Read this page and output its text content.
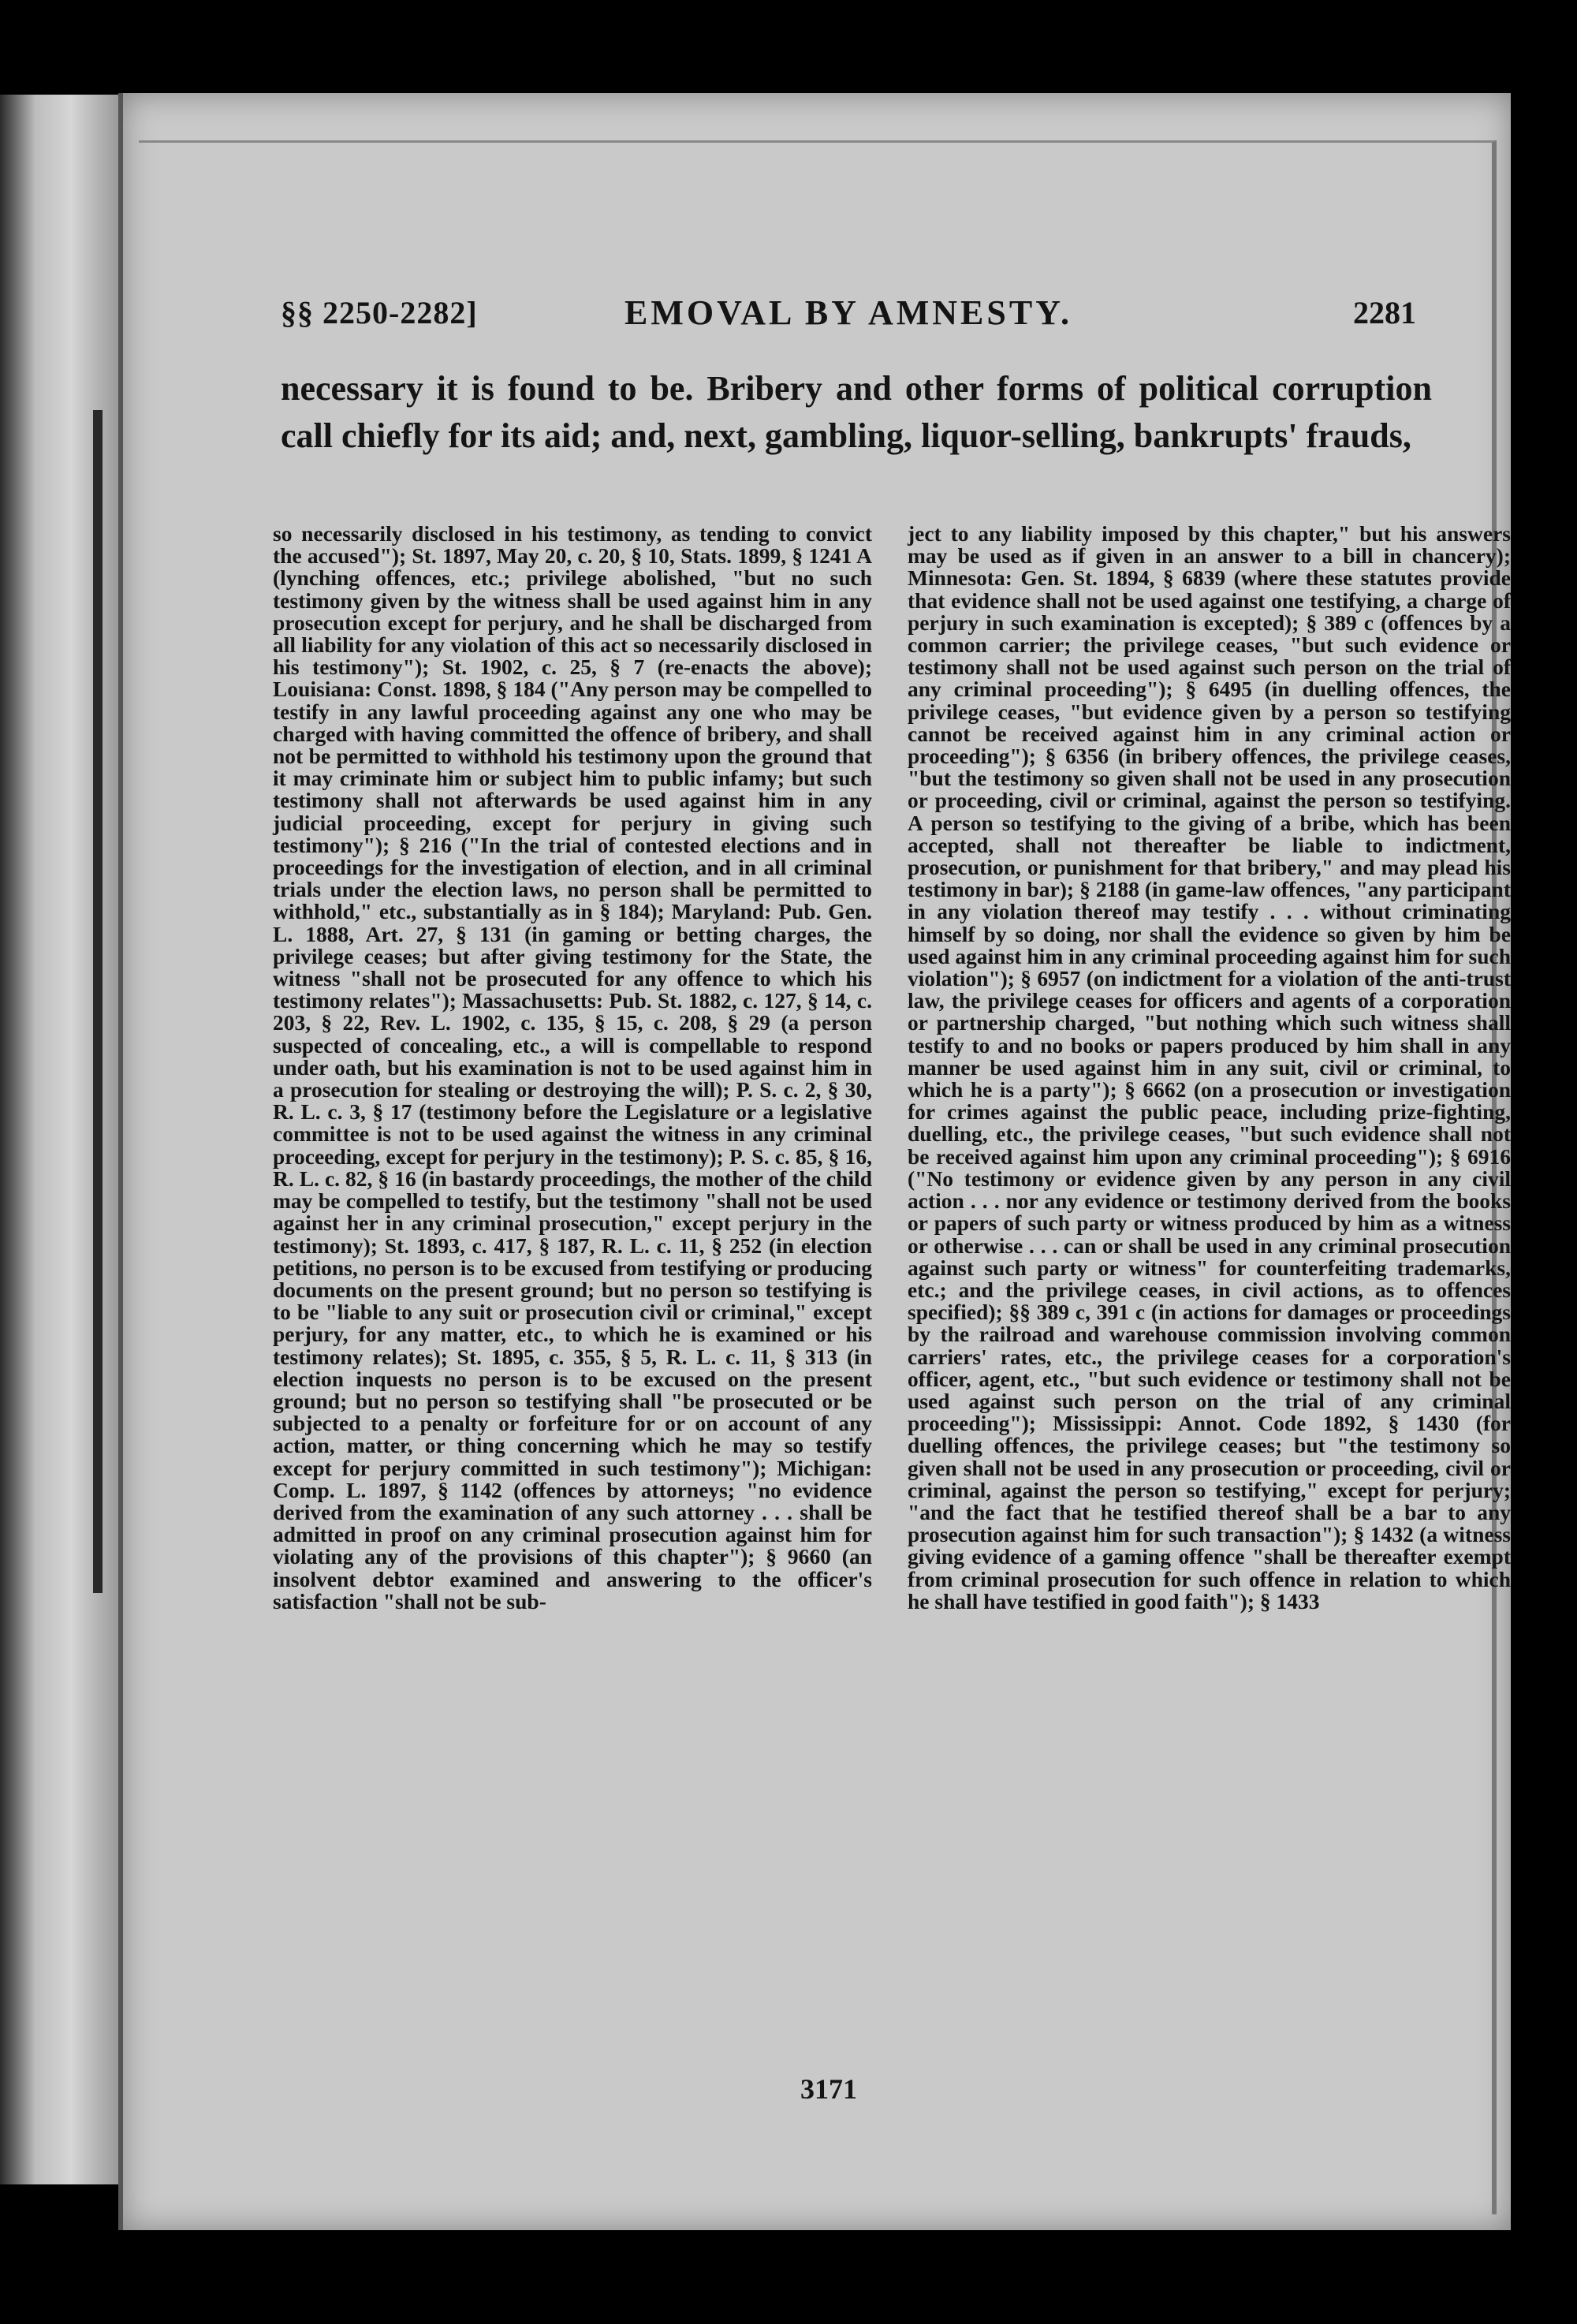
§§ 2250-2282]	EMOVAL BY AMNESTY.	2281

necessary it is found to be. Bribery and other forms of political corruption call chiefly for its aid; and, next, gambling, liquor-selling, bankrupts' frauds,

so necessarily disclosed in his testimony, as tending to convict the accused"); St. 1897, May 20, c. 20, § 10, Stats. 1899, § 1241 A (lynching offences, etc.; privilege abolished, "but no such testimony given by the witness shall be used against him in any prosecution except for perjury, and he shall be discharged from all liability for any violation of this act so necessarily disclosed in his testimony"); St. 1902, c. 25, § 7 (re-enacts the above); Louisiana: Const. 1898, § 184 ("Any person may be compelled to testify in any lawful proceeding against any one who may be charged with having committed the offence of bribery, and shall not be permitted to withhold his testimony upon the ground that it may criminate him or subject him to public infamy; but such testimony shall not afterwards be used against him in any judicial proceeding, except for perjury in giving such testimony"); § 216 ("In the trial of contested elections and in proceedings for the investigation of election, and in all criminal trials under the election laws, no person shall be permitted to withhold," etc., substantially as in § 184); Maryland: Pub. Gen. L. 1888, Art. 27, § 131 (in gaming or betting charges, the privilege ceases; but after giving testimony for the State, the witness "shall not be prosecuted for any offence to which his testimony relates"); Massachusetts: Pub. St. 1882, c. 127, § 14, c. 203, § 22, Rev. L. 1902, c. 135, § 15, c. 208, § 29 (a person suspected of concealing, etc., a will is compellable to respond under oath, but his examination is not to be used against him in a prosecution for stealing or destroying the will); P. S. c. 2, § 30, R. L. c. 3, § 17 (testimony before the Legislature or a legislative committee is not to be used against the witness in any criminal proceeding, except for perjury in the testimony); P. S. c. 85, § 16, R. L. c. 82, § 16 (in bastardy proceedings, the mother of the child may be compelled to testify, but the testimony "shall not be used against her in any criminal prosecution," except perjury in the testimony); St. 1893, c. 417, § 187, R. L. c. 11, § 252 (in election petitions, no person is to be excused from testifying or producing documents on the present ground; but no person so testifying is to be "liable to any suit or prosecution civil or criminal," except perjury, for any matter, etc., to which he is examined or his testimony relates); St. 1895, c. 355, § 5, R. L. c. 11, § 313 (in election inquests no person is to be excused on the present ground; but no person so testifying shall "be prosecuted or be subjected to a penalty or forfeiture for or on account of any action, matter, or thing concerning which he may so testify except for perjury committed in such testimony"); Michigan: Comp. L. 1897, § 1142 (offences by attorneys; "no evidence derived from the examination of any such attorney . . . shall be admitted in proof on any criminal prosecution against him for violating any of the provisions of this chapter"); § 9660 (an insolvent debtor examined and answering to the officer's satisfaction "shall not be sub-

ject to any liability imposed by this chapter," but his answers may be used as if given in an answer to a bill in chancery); Minnesota: Gen. St. 1894, § 6839 (where these statutes provide that evidence shall not be used against one testifying, a charge of perjury in such examination is excepted); § 389 c (offences by a common carrier; the privilege ceases, "but such evidence or testimony shall not be used against such person on the trial of any criminal proceeding"); § 6495 (in duelling offences, the privilege ceases, "but evidence given by a person so testifying cannot be received against him in any criminal action or proceeding"); § 6356 (in bribery offences, the privilege ceases, "but the testimony so given shall not be used in any prosecution or proceeding, civil or criminal, against the person so testifying. A person so testifying to the giving of a bribe, which has been accepted, shall not thereafter be liable to indictment, prosecution, or punishment for that bribery," and may plead his testimony in bar); § 2188 (in game-law offences, "any participant in any violation thereof may testify . . . without criminating himself by so doing, nor shall the evidence so given by him be used against him in any criminal proceeding against him for such violation"); § 6957 (on indictment for a violation of the anti-trust law, the privilege ceases for officers and agents of a corporation or partnership charged, "but nothing which such witness shall testify to and no books or papers produced by him shall in any manner be used against him in any suit, civil or criminal, to which he is a party"); § 6662 (on a prosecution or investigation for crimes against the public peace, including prize-fighting, duelling, etc., the privilege ceases, "but such evidence shall not be received against him upon any criminal proceeding"); § 6916 ("No testimony or evidence given by any person in any civil action . . . nor any evidence or testimony derived from the books or papers of such party or witness produced by him as a witness or otherwise . . . can or shall be used in any criminal prosecution against such party or witness" for counterfeiting trademarks, etc.; and the privilege ceases, in civil actions, as to offences specified); §§ 389 c, 391 c (in actions for damages or proceedings by the railroad and warehouse commission involving common carriers' rates, etc., the privilege ceases for a corporation's officer, agent, etc., "but such evidence or testimony shall not be used against such person on the trial of any criminal proceeding"); Mississippi: Annot. Code 1892, § 1430 (for duelling offences, the privilege ceases; but "the testimony so given shall not be used in any prosecution or proceeding, civil or criminal, against the person so testifying," except for perjury; "and the fact that he testified thereof shall be a bar to any prosecution against him for such transaction"); § 1432 (a witness giving evidence of a gaming offence "shall be thereafter exempt from criminal prosecution for such offence in relation to which he shall have testified in good faith"); § 1433

3171
